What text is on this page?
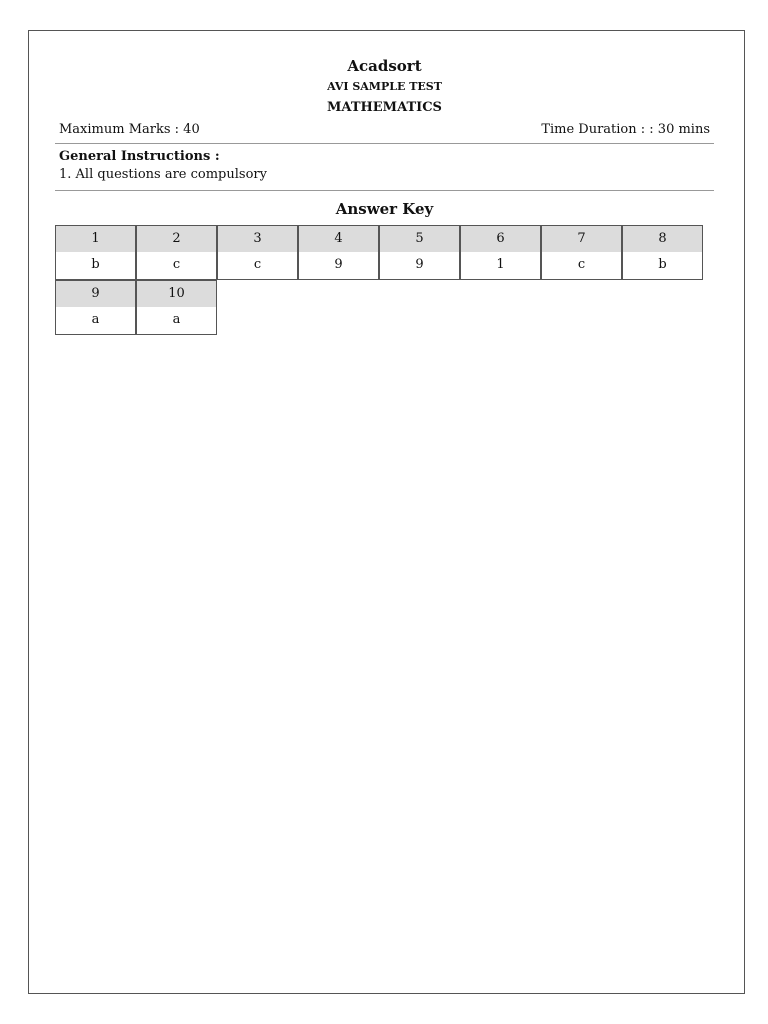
Acadsort
AVI SAMPLE TEST
MATHEMATICS
Maximum Marks : 40	Time Duration : : 30 mins
General Instructions :
1. All questions are compulsory
Answer Key
1
b
2
c
3
c
4
9
5
9
6
1
7
c
8
b
9
a
10
a
